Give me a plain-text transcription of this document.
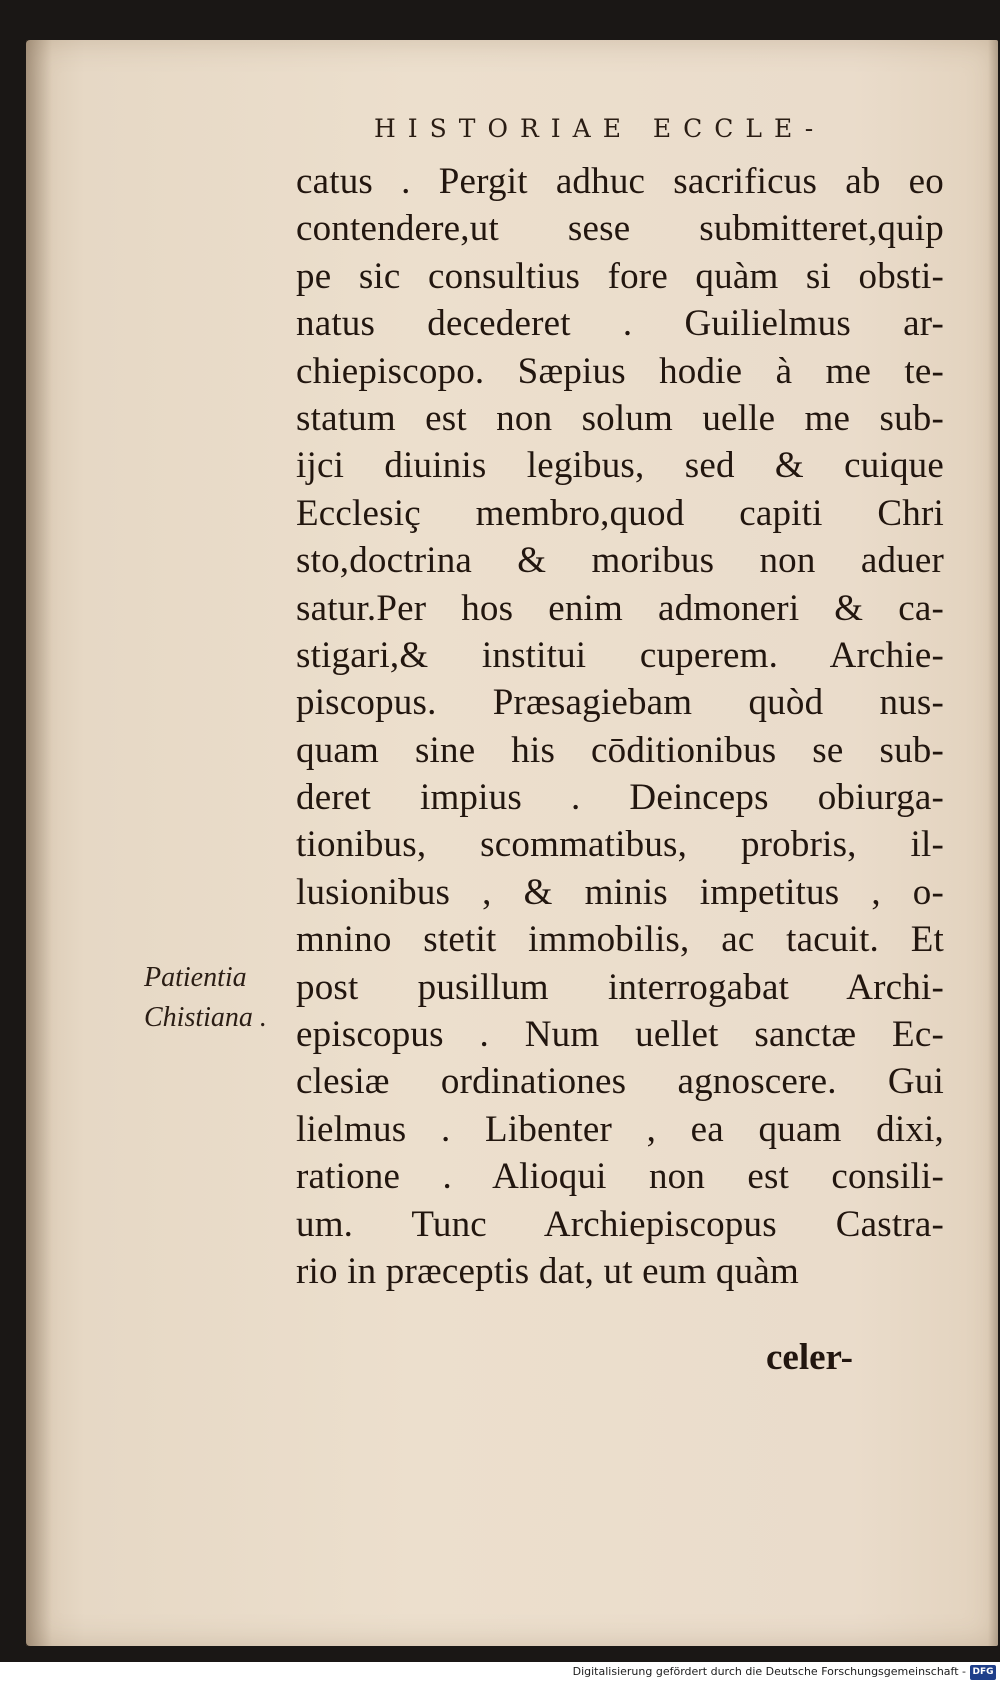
HISTORIAE ECCLE-
catus . Pergit adhuc sacrificus ab eo
contendere,ut sese submitteret,quip
pe sic consultius fore quàm si obsti-
natus decederet . Guilielmus ar-
chiepiscopo. Sæpius hodie à me te-
statum est non solum uelle me sub-
ijci diuinis legibus, sed & cuique
Ecclesiç membro,quod capiti Chri
sto,doctrina & moribus non aduer
satur.Per hos enim admoneri & ca-
stigari,& institui cuperem. Archie-
piscopus. Præsagiebam quòd nus-
quam sine his cōditionibus se sub-
deret impius . Deinceps obiurga-
tionibus, scommatibus, probris, il-
lusionibus , & minis impetitus , o-
mnino stetit immobilis, ac tacuit. Et
post pusillum interrogabat Archi-
episcopus . Num uellet sanctæ Ec-
clesiæ ordinationes agnoscere. Gui
lielmus . Libenter , ea quam dixi,
ratione . Alioqui non est consili-
um. Tunc Archiepiscopus Castra-
rio in præceptis dat, ut eum quàm
celer-
Patientia
Chistiana .
Digitalisierung gefördert durch die Deutsche Forschungsgemeinschaft - DFG
